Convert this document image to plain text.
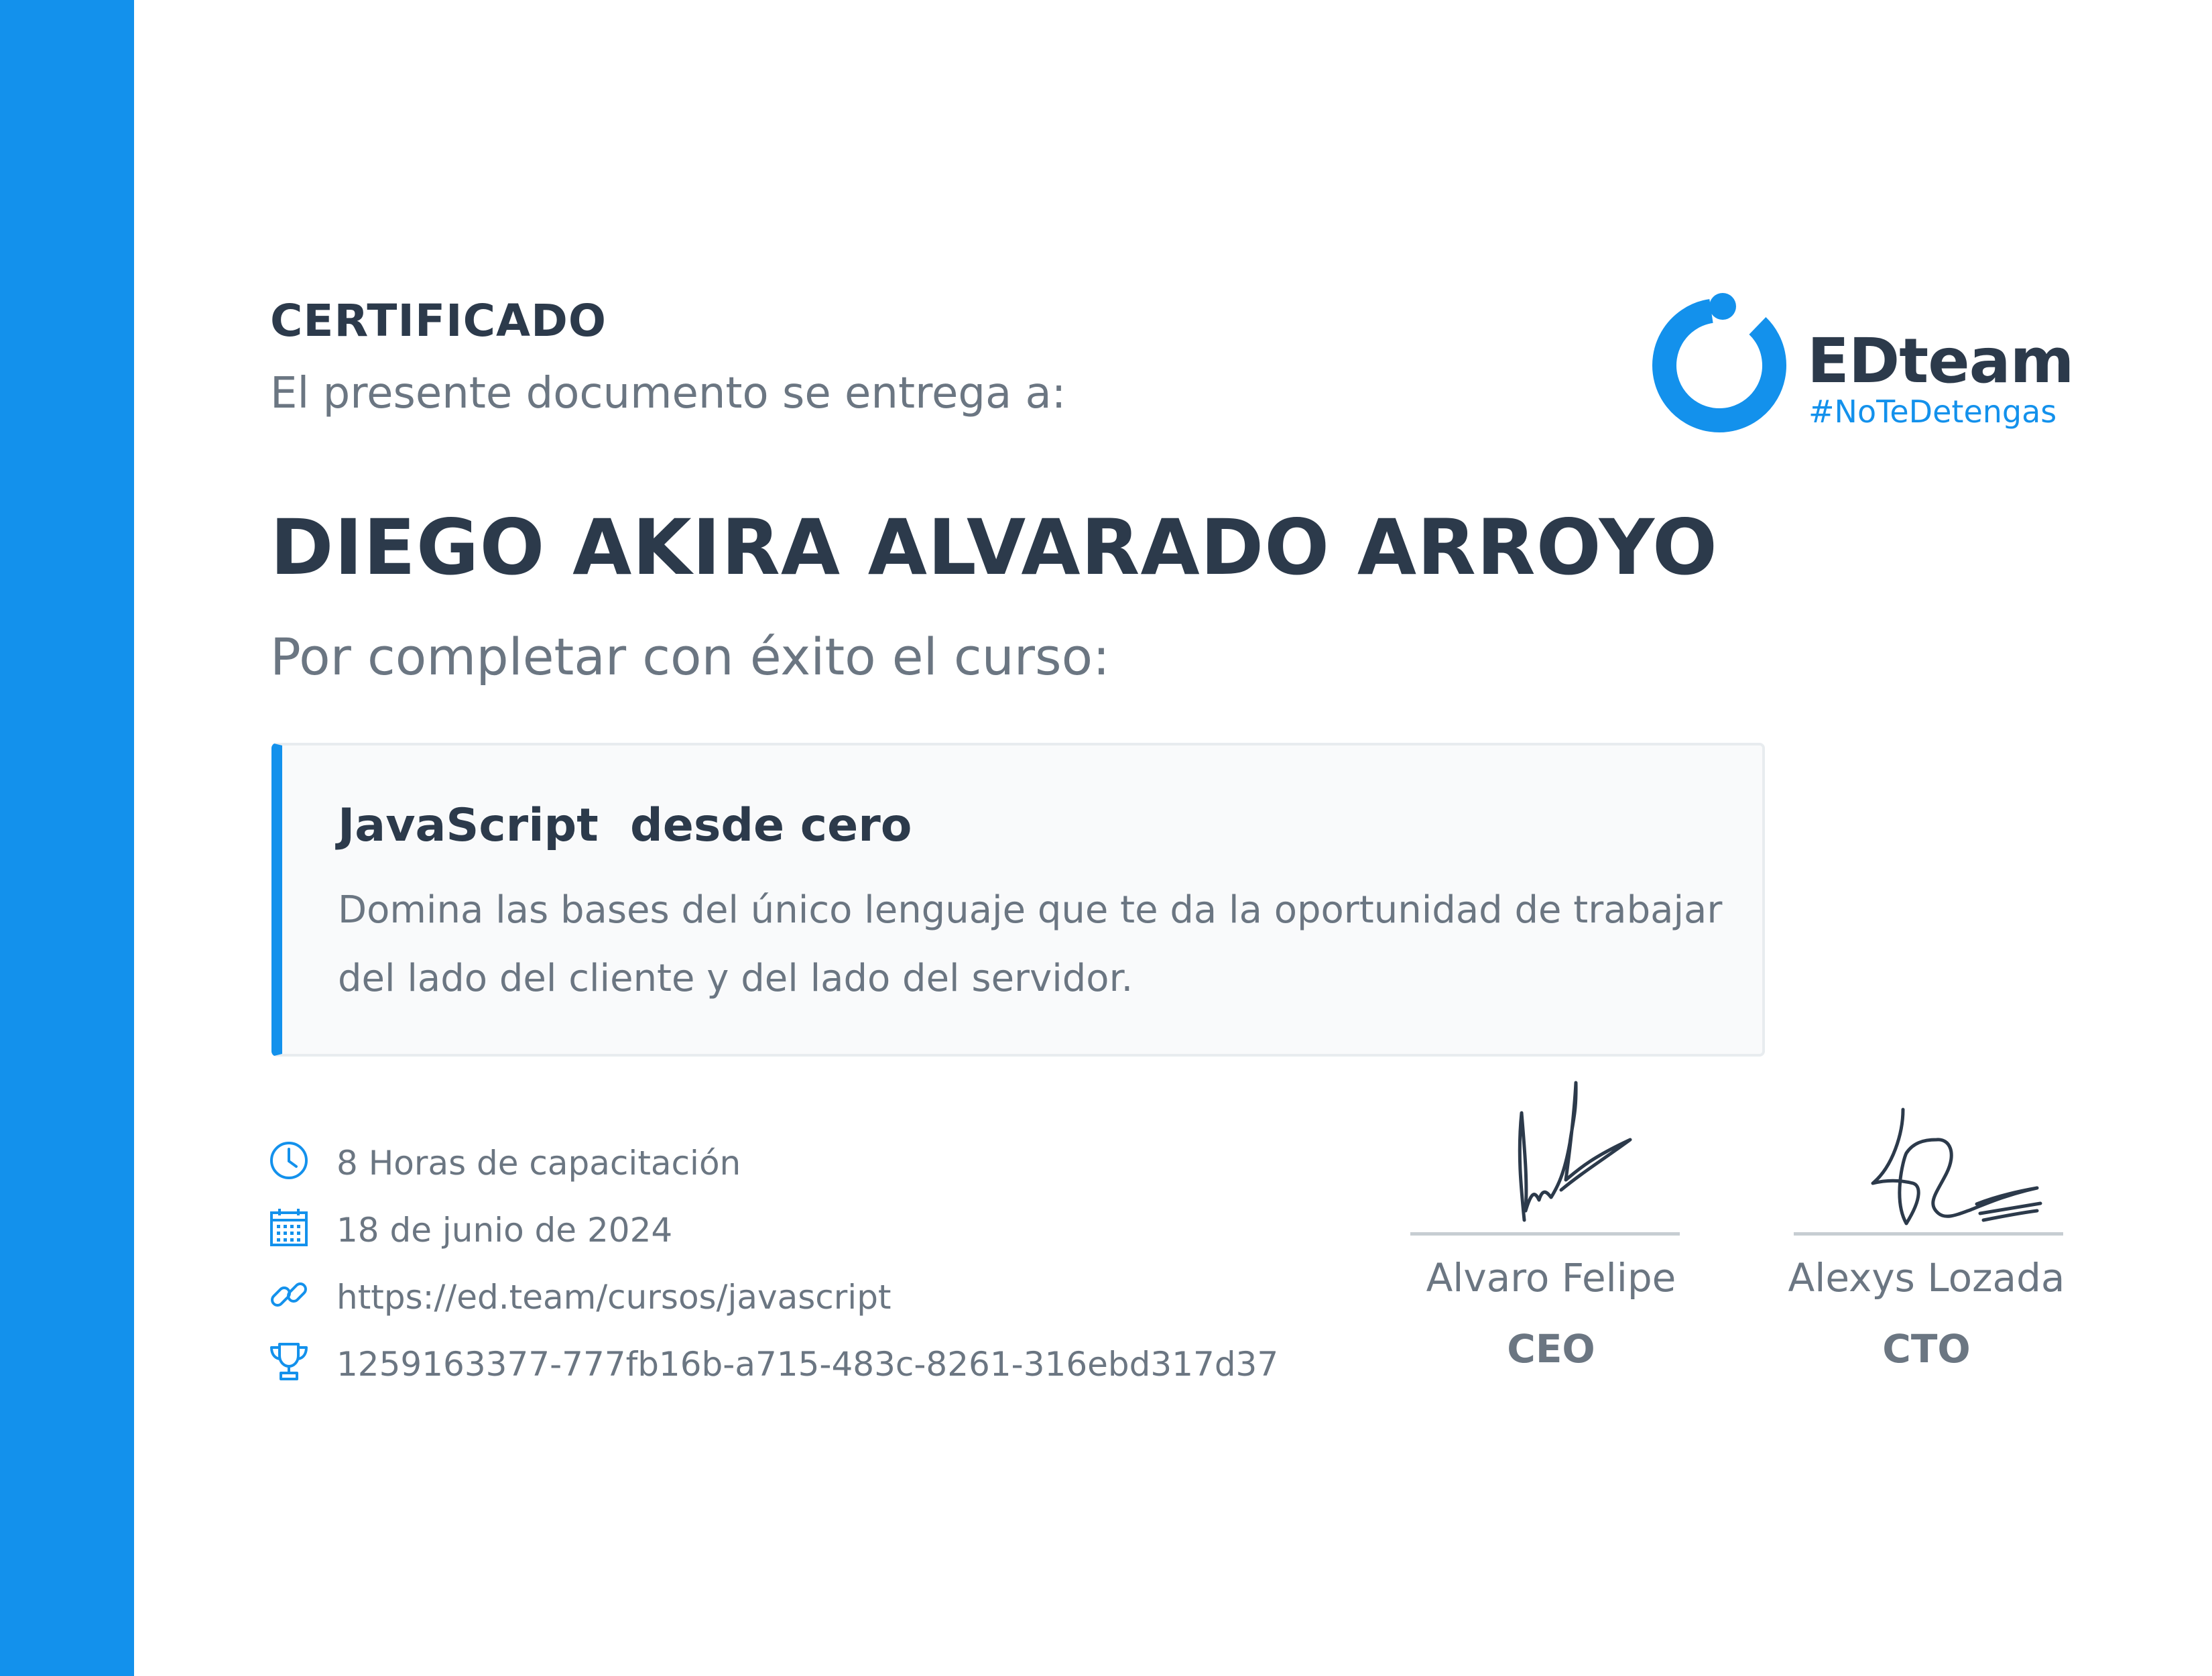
EDteam
#NoTeDetengas
CERTIFICADO
El presente documento se entrega a:
DIEGO AKIRA ALVARADO ARROYO
Por completar con éxito el curso:
JavaScript  desde cero
Domina las bases del único lenguaje que te da la oportunidad de trabajar del lado del cliente y del lado del servidor.
8 Horas de capacitación
18 de junio de 2024
https://ed.team/cursos/javascript
1259163377-777fb16b-a715-483c-8261-316ebd317d37
Alvaro Felipe
CEO
Alexys Lozada
CTO
